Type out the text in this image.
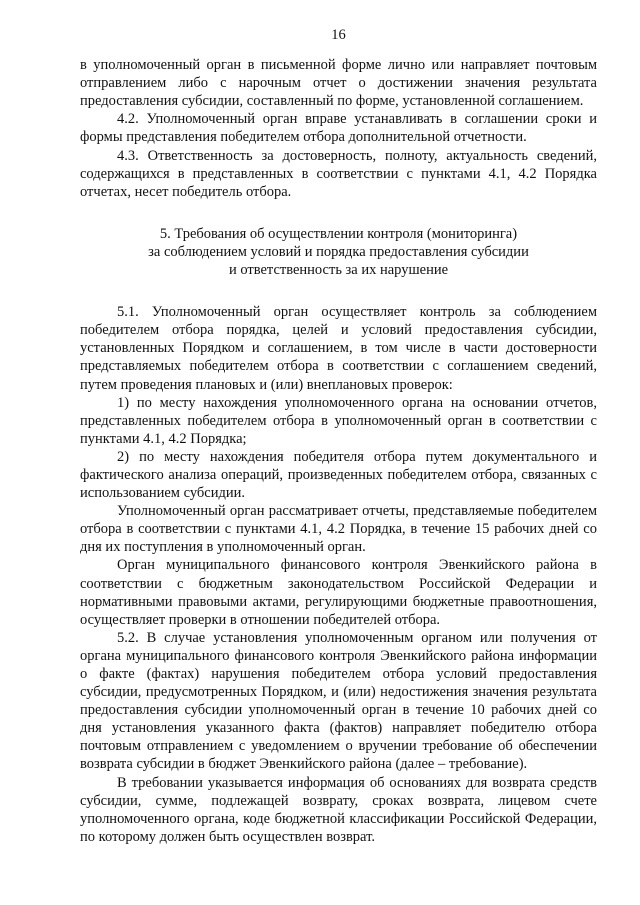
16

в уполномоченный орган в письменной форме лично или направляет почтовым отправлением либо с нарочным отчет о достижении значения результата предоставления субсидии, составленный по форме, установленной соглашением.

4.2. Уполномоченный орган вправе устанавливать в соглашении сроки и формы представления победителем отбора дополнительной отчетности.

4.3. Ответственность за достоверность, полноту, актуальность сведений, содержащихся в представленных в соответствии с пунктами 4.1, 4.2 Порядка отчетах, несет победитель отбора.

5. Требования об осуществлении контроля (мониторинга)
за соблюдением условий и порядка предоставления субсидии
и ответственность за их нарушение

5.1. Уполномоченный орган осуществляет контроль за соблюдением победителем отбора порядка, целей и условий предоставления субсидии, установленных Порядком и соглашением, в том числе в части достоверности представляемых победителем отбора в соответствии с соглашением сведений, путем проведения плановых и (или) внеплановых проверок:

1) по месту нахождения уполномоченного органа на основании отчетов, представленных победителем отбора в уполномоченный орган в соответствии с пунктами 4.1, 4.2 Порядка;

2) по месту нахождения победителя отбора путем документального и фактического анализа операций, произведенных победителем отбора, связанных с использованием субсидии.

Уполномоченный орган рассматривает отчеты, представляемые победителем отбора в соответствии с пунктами 4.1, 4.2 Порядка, в течение 15 рабочих дней со дня их поступления в уполномоченный орган.

Орган муниципального финансового контроля Эвенкийского района в соответствии с бюджетным законодательством Российской Федерации и нормативными правовыми актами, регулирующими бюджетные правоотношения, осуществляет проверки в отношении победителей отбора.

5.2. В случае установления уполномоченным органом или получения от органа муниципального финансового контроля Эвенкийского района информации о факте (фактах) нарушения победителем отбора условий предоставления субсидии, предусмотренных Порядком, и (или) недостижения значения результата предоставления субсидии уполномоченный орган в течение 10 рабочих дней со дня установления указанного факта (фактов) направляет победителю отбора почтовым отправлением с уведомлением о вручении требование об обеспечении возврата субсидии в бюджет Эвенкийского района (далее – требование).

В требовании указывается информация об основаниях для возврата средств субсидии, сумме, подлежащей возврату, сроках возврата, лицевом счете уполномоченного органа, коде бюджетной классификации Российской Федерации, по которому должен быть осуществлен возврат.
